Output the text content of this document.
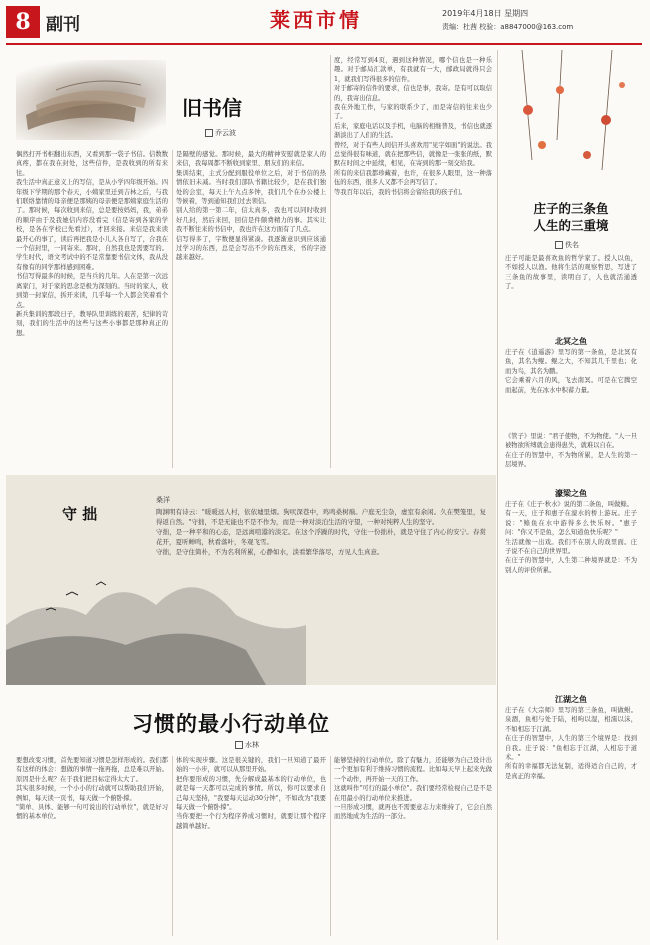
8 副刊	莱西市情	2019年4月18日 星期四
责编：杜茜 校验：a8847000@163.com
旧书信
乔云波
偶然打开书柜翻出东西，又看到那一袋子书信。信数数真疼，都在我在封处，这些信件，是我收到的所有来往。
我生活中真正意义上的写信，是从小学四年级开始。四年级下学期的那个春天，小姨家里迁到吉林之后，与我们联络靠情的母亲便是那姨的母亲便是那姨家庭生活的了。那时候，每次收到来信，总是要按妈妈，我，弟弟的顺序由于及我她信内容没看完（信是寄到各家的学校，是各在学校已先看过），才回来接。来信是我来读最开心的事了，读后再把我是小儿人各自写了，合我在一个信封里，一同寄来。那时，自然我也是需要写的。学生时代，语文考试中的不足常靠要书信文体，我从没有像有的同学那样感到困难。
书信写得最多的时候，是当兵的几年。人在是第一次远离家门，对于家的思念是极为深刻的。当时的家人，收到第一封家信，拆开来读，几乎每一个人都会笑着看个点。
新兵集训的那段日子，教导队里训练的艰苦，纪律的苛刻，我们的生活中的这些与这些小事都是那种真正的想。
是隔壁的感觉。那时候，最大的精神安慰就是家人的来信，我每周都不断收到家里、朋友们的来信。
集训结束，主式分配到服役单位之后，对于书信的热情依旧未减。当时我们部队书籍比较少，是在我们独处的会室，每天上午九点多钟，我们几个在办公楼上等候着，等到通知我们过去领信。
别人给的第一第二年，信太真多，我也可以同时收到好几封，然后来回，回信是件颇费精力的事。其实让我不断往来的书信中，我也许在这方面有了几点。
信写得多了，字数便显得紧凑。我逐渐意识到应该通过学习的东西，总是会写出不少的东西来，书的字迹越来越好。
度，经常写到4页，遇到这种情况，哪个信也是一种乐趣。对于邮局汇款单，有我就有一大，邮政局就得只会1，就我们写得很多的信件。
对于邮寄的信件的要求，信也是事，我寄。是有可以取信的，我寄出信息。
我在外地工作，与家的联系少了，而是寄信的往来也少了。
后来，家庭电话以及手机，电脑的相继普及，书信也就逐渐淡出了人们的生活。
曾经，对于有些人间信开头喜欢用"见字如面"的说法。我总觉得很有味道，就在把那些信，就像是一张张的纸，默默在时间之中延续，相见，在寄到的那一刻交给我。
所有的来信我都珍藏着，也许，在很多人眼里，这一种落伍的东西，很多人又都不会再写信了。
等我百年以后，我的书信将会留给我的孩子们。
庄子的三条鱼
人生的三重境
佚名
庄子可能是最喜欢鱼的哲学家了。授人以鱼，不如授人以渔。他将生活的观察哲思，写进了三条鱼的故事里，读明白了，人也就活通透了。
北冥之鱼
庄子在《逍遥游》里写的第一条鱼，是北冥有鱼，其名为鲲。鲲之大，不知其几千里也；化而为鸟，其名为鹏。
它会乘着六月的风，飞去南冥。可是在它腾空而起前，先在冰水中积蓄力量。
《管子》里说："君子使物，不为物使。"人一旦被物欲所缚就会患得患失，就难以自在。
在庄子的智慧中，不为物所累，是人生的第一层境界。
濠梁之鱼
庄子在《庄子·秋水》说的第二条鱼，叫做鲦。
有一天，庄子和惠子在濠水的桥上游玩。庄子说："鲦鱼在水中游得多么快乐呀。"惠子问："你又不是鱼，怎么知道鱼快乐呢？"
生活就像一出戏。我们不在别人的戏里面。庄子说不在自己的世界里。
在庄子的智慧中，人生第二种境界就是：不为别人的评价所累。
江湖之鱼
庄子在《大宗师》里写的第三条鱼，叫做鲋。泉涸，鱼相与处于陆，相呴以湿，相濡以沫，不如相忘于江湖。
在庄子的智慧中，人生的第三个境界是：找到自我。庄子说："鱼相忘于江湖，人相忘于道术。"
所有的幸福都无法复制，适得适合自己的，才是真正的幸福。
守 拙
桑洋
陶渊明有诗云："暖暖远人村，依依墟里烟。狗吠深巷中，鸡鸣桑树巅。户庭无尘杂，虚室有余闲。久在樊笼里，复得返自然。"守拙，不是无能也不是不作为，而是一种对淡泊生活的守望，一种对纯粹人生的坚守。
守拙，是一种平和的心态，是远离喧嚣的淡定。在这个浮躁的时代，守住一份拙朴，就是守住了内心的安宁。春赏花开，夏听蝉鸣，秋看落叶，冬观飞雪。
守拙，是守住简朴，不为名利所累，心静如水，淡看繁华落尽，方见人生真意。
习惯的最小行动单位
水林
要想改变习惯，首先要知道习惯是怎样形成的。我们都有这样的体会：想做的事情一拖再拖，总是难以开始。原因是什么呢？在于我们把目标定得太大了。
其实很多时候，一个小小的行动就可以帮助我们开始，例如，每天读一页书，每天做一个俯卧撑。
"简单、具体、能够一句可说出的行动单位"，就是好习惯的基本单位。
体的实现步骤。这是很关键的，我们一旦知道了最开始的一小步，就可以从那里开始。
把你要形成的习惯，先分解成最基本的行动单位，也就是每一天都可以完成的事情。所以，你可以要求自己每天坚持，"我要每天运动30分钟"，不如改为"我要每天做一个俯卧撑"。
当你要把一个行为程序养成习惯时，就要让那个程序越简单越好。
能够坚持的行动单位。除了有魅力，还能够为自己设计出一个更加有利于维持习惯的流程。比如每天早上起来先做一个动作，再开始一天的工作。
这就叫作"可行的最小单位"。我们要经常检视自己是不是在用最小的行动单位来推进。
一旦形成习惯，就再也不需要意志力来维持了，它会自然而然地成为生活的一部分。
